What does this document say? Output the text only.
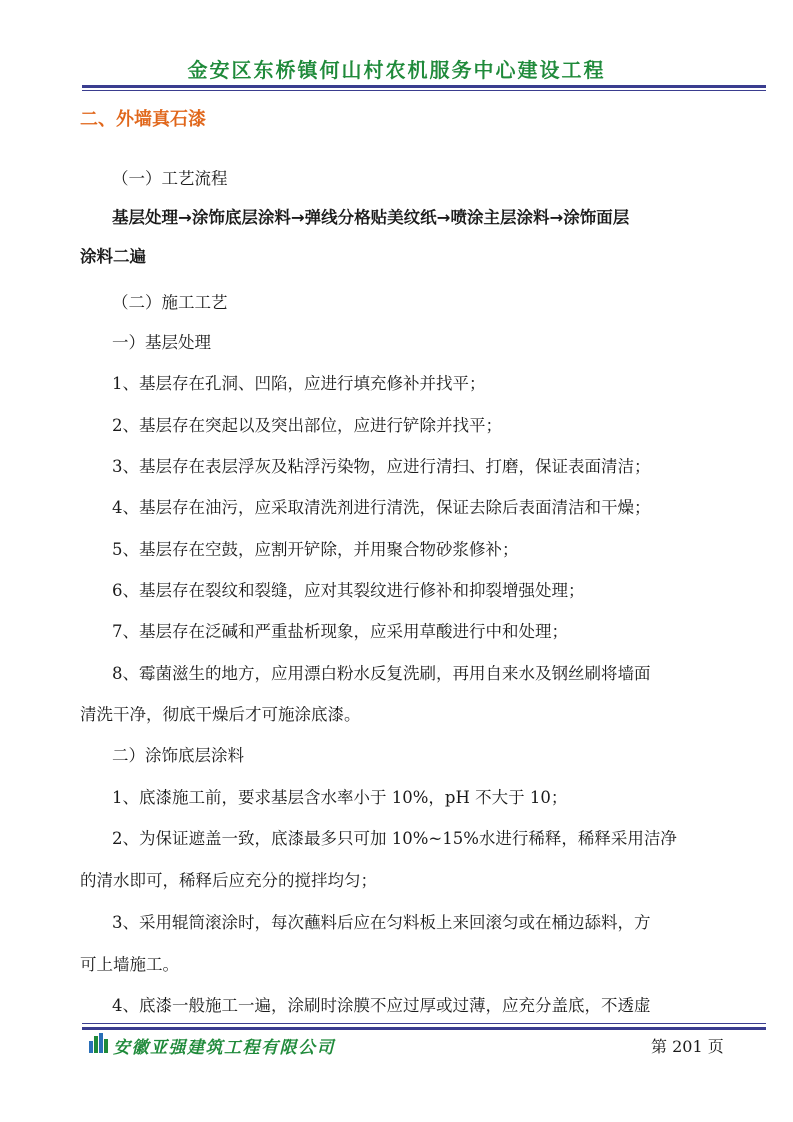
金安区东桥镇何山村农机服务中心建设工程
二、外墙真石漆
（一）工艺流程
基层处理→涂饰底层涂料→弹线分格贴美纹纸→喷涂主层涂料→涂饰面层
涂料二遍
（二）施工工艺
一）基层处理
1、基层存在孔洞、凹陷，应进行填充修补并找平；
2、基层存在突起以及突出部位，应进行铲除并找平；
3、基层存在表层浮灰及粘浮污染物，应进行清扫、打磨，保证表面清洁；
4、基层存在油污，应采取清洗剂进行清洗，保证去除后表面清洁和干燥；
5、基层存在空鼓，应割开铲除，并用聚合物砂浆修补；
6、基层存在裂纹和裂缝，应对其裂纹进行修补和抑裂增强处理；
7、基层存在泛碱和严重盐析现象，应采用草酸进行中和处理；
8、霉菌滋生的地方，应用漂白粉水反复洗刷，再用自来水及钢丝刷将墙面
清洗干净，彻底干燥后才可施涂底漆。
二）涂饰底层涂料
1、底漆施工前，要求基层含水率小于 10%，pH 不大于 10；
2、为保证遮盖一致，底漆最多只可加 10%~15%水进行稀释，稀释采用洁净
的清水即可，稀释后应充分的搅拌均匀；
3、采用辊筒滚涂时，每次蘸料后应在匀料板上来回滚匀或在桶边舔料，方
可上墙施工。
4、底漆一般施工一遍，涂刷时涂膜不应过厚或过薄，应充分盖底，不透虚
安徽亚强建筑工程有限公司	第 201 页
